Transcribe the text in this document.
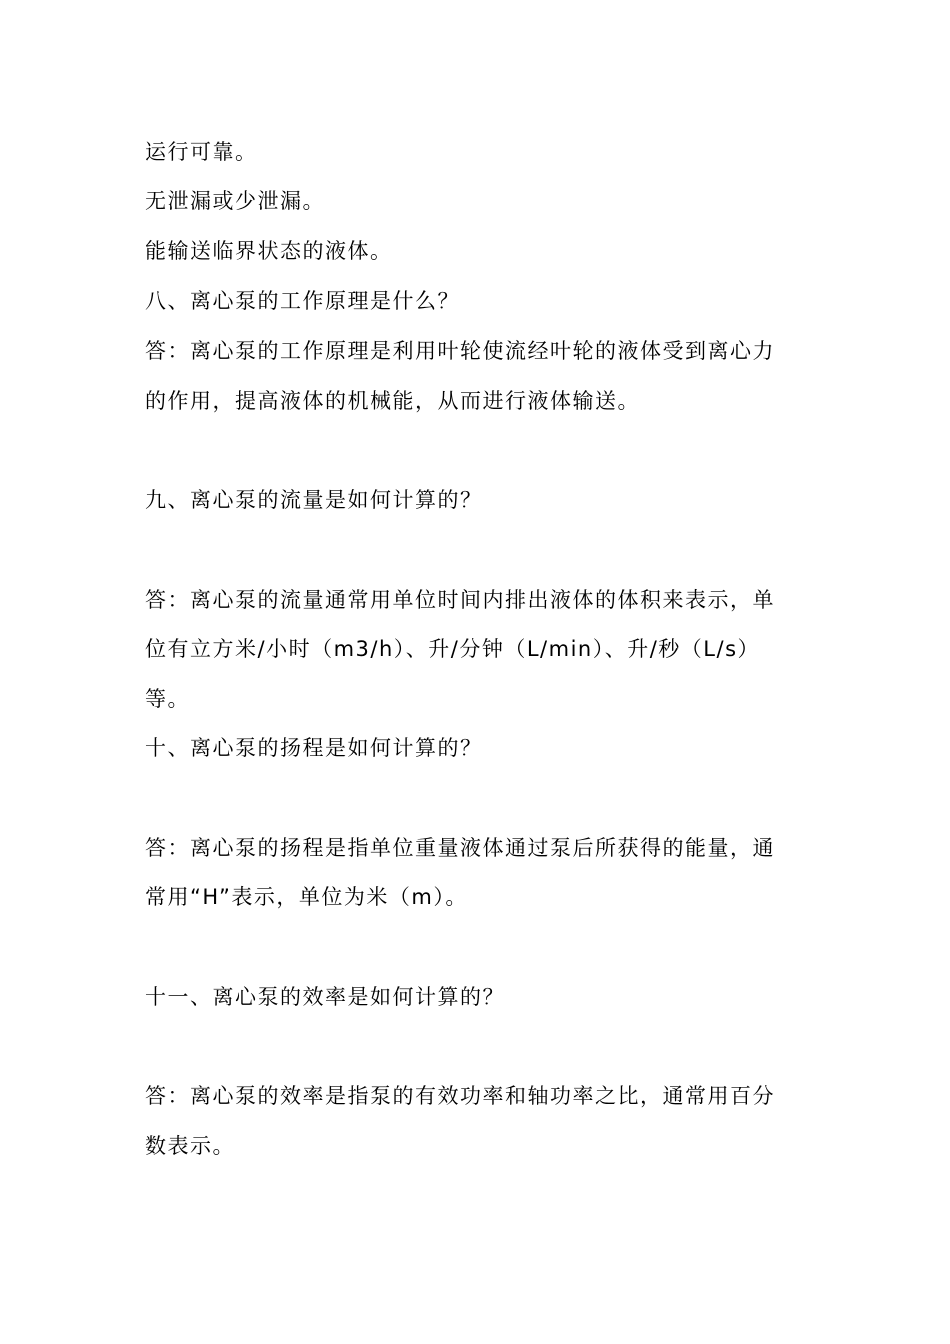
运行可靠。

无泄漏或少泄漏。

能输送临界状态的液体。

八、离心泵的工作原理是什么？

答：离心泵的工作原理是利用叶轮使流经叶轮的液体受到离心力

的作用，提高液体的机械能，从而进行液体输送。

九、离心泵的流量是如何计算的？

答：离心泵的流量通常用单位时间内排出液体的体积来表示，单

位有立方米/小时（m3/h）、升/分钟（L/min）、升/秒（L/s）

等。

十、离心泵的扬程是如何计算的？

答：离心泵的扬程是指单位重量液体通过泵后所获得的能量，通

常用“H”表示，单位为米（m）。

十一、离心泵的效率是如何计算的？

答：离心泵的效率是指泵的有效功率和轴功率之比，通常用百分

数表示。
